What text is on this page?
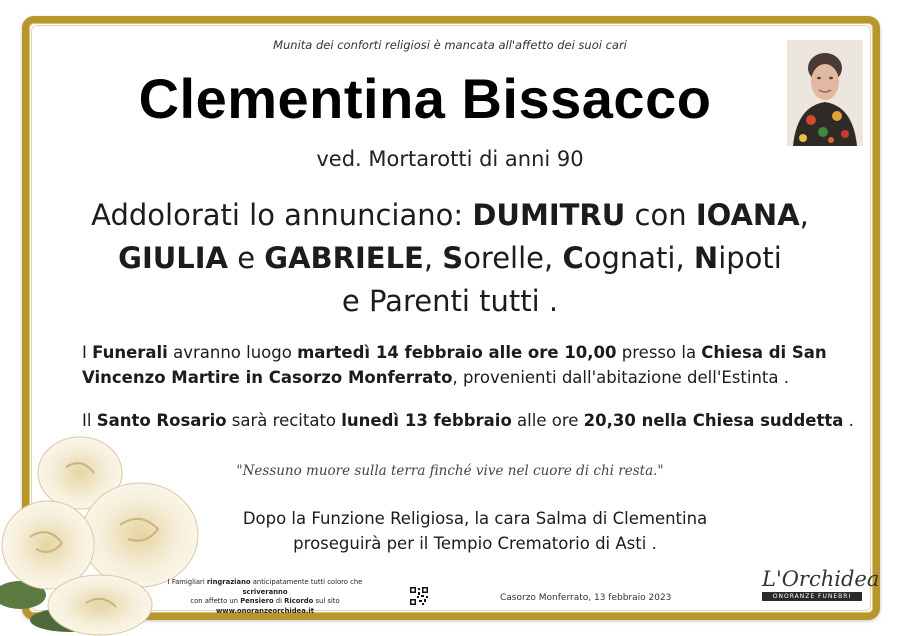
Munita dei conforti religiosi è mancata all'affetto dei suoi cari
Clementina Bissacco
ved. Mortarotti di anni 90
Addolorati lo annunciano: DUMITRU con IOANA,
GIULIA e GABRIELE, Sorelle, Cognati, Nipoti
e Parenti tutti .
I Funerali avranno luogo martedì 14 febbraio alle ore 10,00 presso la Chiesa di San Vincenzo Martire in Casorzo Monferrato, provenienti dall'abitazione dell'Estinta .
Il Santo Rosario sarà recitato lunedì 13 febbraio alle ore 20,30 nella Chiesa suddetta .
"Nessuno muore sulla terra finché vive nel cuore di chi resta."
Dopo la Funzione Religiosa, la cara Salma di Clementina
proseguirà per il Tempio Crematorio di Asti .
I Famigliari ringraziano anticipatamente tutti coloro che scriveranno
con affetto un Pensiero di Ricordo sul sito
www.onoranzeorchidea.it
Casorzo Monferrato, 13 febbraio 2023
L'Orchidea
ONORANZE FUNEBRI
